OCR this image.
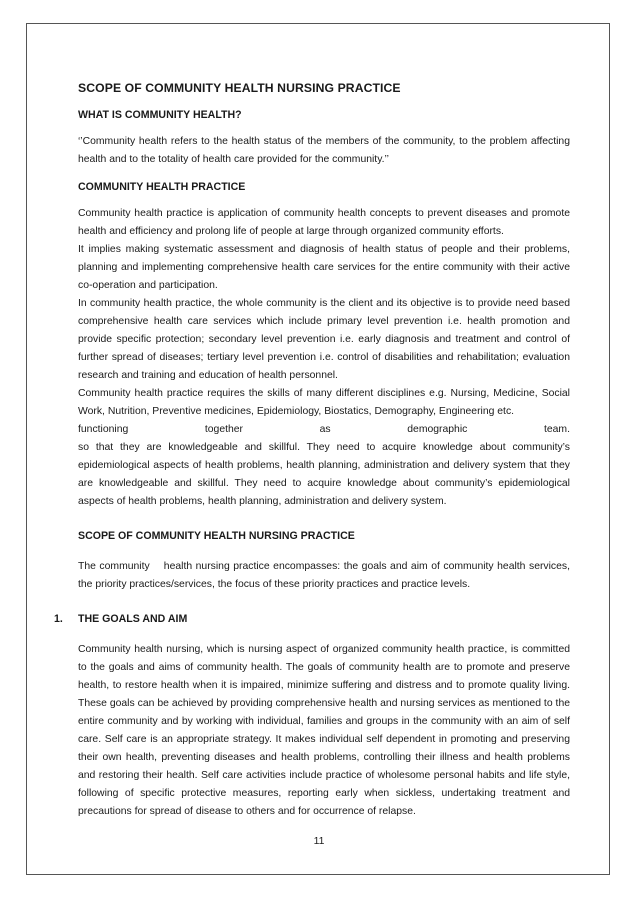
SCOPE OF COMMUNITY HEALTH NURSING PRACTICE
WHAT IS COMMUNITY HEALTH?

‘’Community health refers to the health status of the members of the community, to the problem affecting health and to the totality of health care provided for the community.’’

COMMUNITY HEALTH PRACTICE

Community health practice is application of community health concepts to prevent diseases and promote health and efficiency and prolong life of people at large through organized community efforts.

It implies making systematic assessment and diagnosis of health status of people and their problems, planning and implementing comprehensive health care services for the entire community with their active co-operation and participation.

In community health practice, the whole community is the client and its objective is to provide need based comprehensive health care services which include primary level prevention i.e. health promotion and provide specific protection; secondary level prevention i.e. early diagnosis and treatment and control of further spread of diseases; tertiary level prevention i.e. control of disabilities and rehabilitation; evaluation research and training and education of health personnel.

Community health practice requires the skills of many different disciplines e.g. Nursing, Medicine, Social Work, Nutrition, Preventive medicines, Epidemiology, Biostatics, Demography, Engineering etc.

functioning	together	as	demographic	team.

so that they are knowledgeable and skillful. They need to acquire knowledge about community’s epidemiological aspects of health problems, health planning, administration and delivery system that they are knowledgeable and skillful. They need to acquire knowledge about community’s epidemiological aspects of health problems, health planning, administration and delivery system.

SCOPE OF COMMUNITY HEALTH NURSING PRACTICE

The community    health nursing practice encompasses: the goals and aim of community health services, the priority practices/services, the focus of these priority practices and practice levels.

1. THE GOALS AND AIM

Community health nursing, which is nursing aspect of organized community health practice, is committed to the goals and aims of community health. The goals of community health are to promote and preserve health, to restore health when it is impaired, minimize suffering and distress and to promote quality living. These goals can be achieved by providing comprehensive health and nursing services as mentioned to the entire community and by working with individual, families and groups in the community with an aim of self care. Self care is an appropriate strategy. It makes individual self dependent in promoting and preserving their own health, preventing diseases and health problems, controlling their illness and health problems and restoring their health. Self care activities include practice of wholesome personal habits and life style, following of specific protective measures, reporting early when sickless, undertaking treatment and precautions for spread of disease to others and for occurrence of relapse.

11
